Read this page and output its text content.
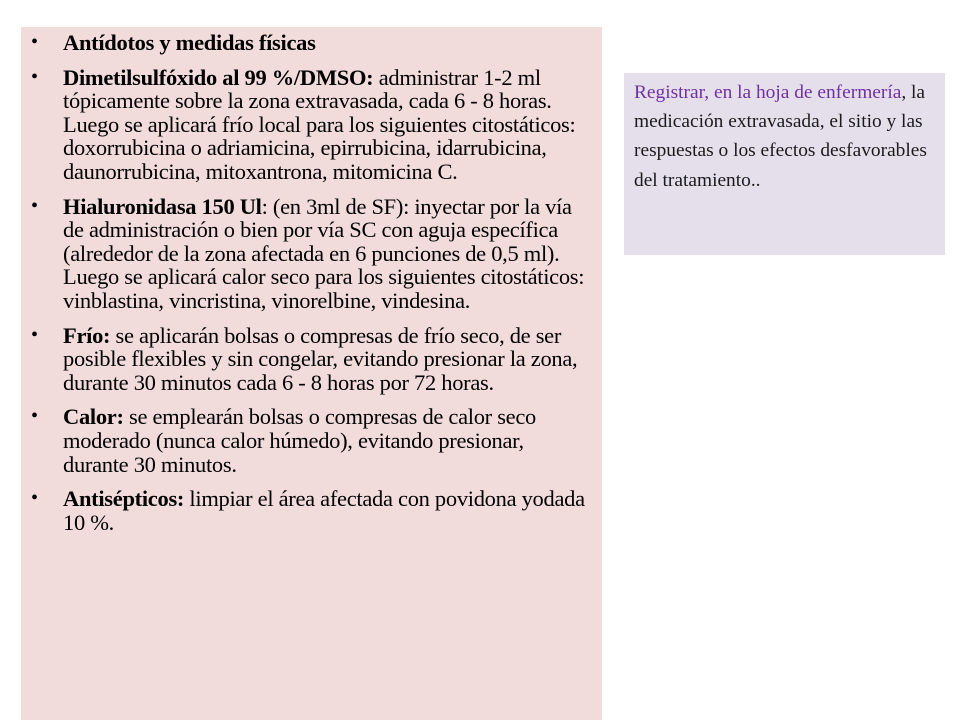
• Antídotos y medidas físicas
• Dimetilsulfóxido al 99 %/DMSO: administrar 1-2 ml tópicamente sobre la zona extravasada, cada 6 - 8 horas. Luego se aplicará frío local para los siguientes citostáticos: doxorrubicina o adriamicina, epirrubicina, idarrubicina, daunorrubicina, mitoxantrona, mitomicina C.
• Hialuronidasa 150 Ul: (en 3ml de SF): inyectar por la vía de administración o bien por vía SC con aguja específica (alrededor de la zona afectada en 6 punciones de 0,5 ml). Luego se aplicará calor seco para los siguientes citostáticos: vinblastina, vincristina, vinorelbine, vindesina.
• Frío: se aplicarán bolsas o compresas de frío seco, de ser posible flexibles y sin congelar, evitando presionar la zona, durante 30 minutos cada 6 - 8 horas por 72 horas.
• Calor: se emplearán bolsas o compresas de calor seco moderado (nunca calor húmedo), evitando presionar, durante 30 minutos.
• Antisépticos: limpiar el área afectada con povidona yodada 10 %.
Registrar, en la hoja de enfermería, la medicación extravasada, el sitio y las respuestas o los efectos desfavorables del tratamiento..
